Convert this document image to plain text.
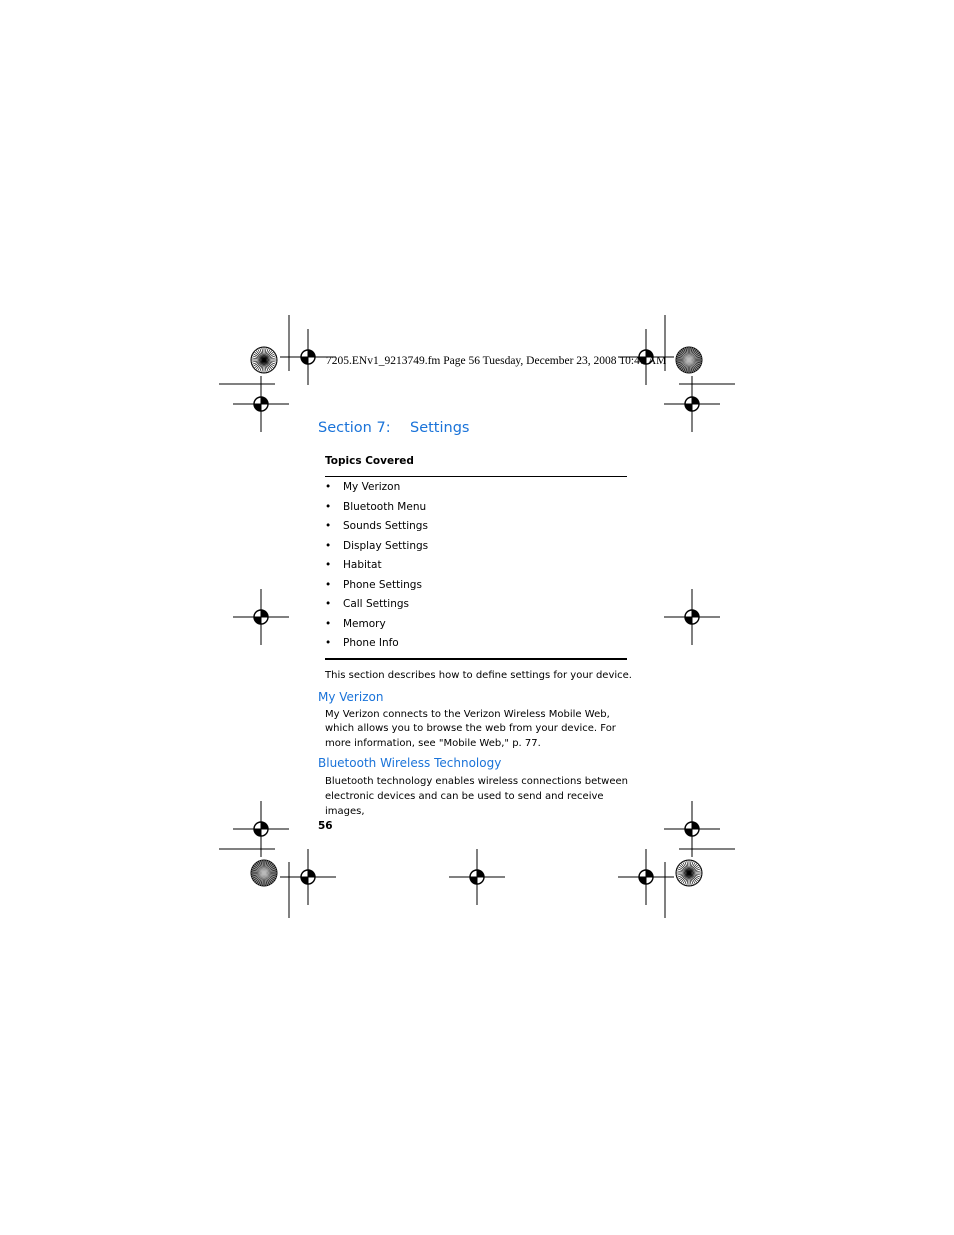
7205.ENv1_9213749.fm Page 56 Tuesday, December 23, 2008 10:47 AM
Section 7: Settings
Topics Covered
• My Verizon
• Bluetooth Menu
• Sounds Settings
• Display Settings
• Habitat
• Phone Settings
• Call Settings
• Memory
• Phone Info
This section describes how to define settings for your device.
My Verizon
My Verizon connects to the Verizon Wireless Mobile Web, which allows you to browse the web from your device. For more information, see "Mobile Web," p. 77.
Bluetooth Wireless Technology
Bluetooth technology enables wireless connections between electronic devices and can be used to send and receive images,
56
